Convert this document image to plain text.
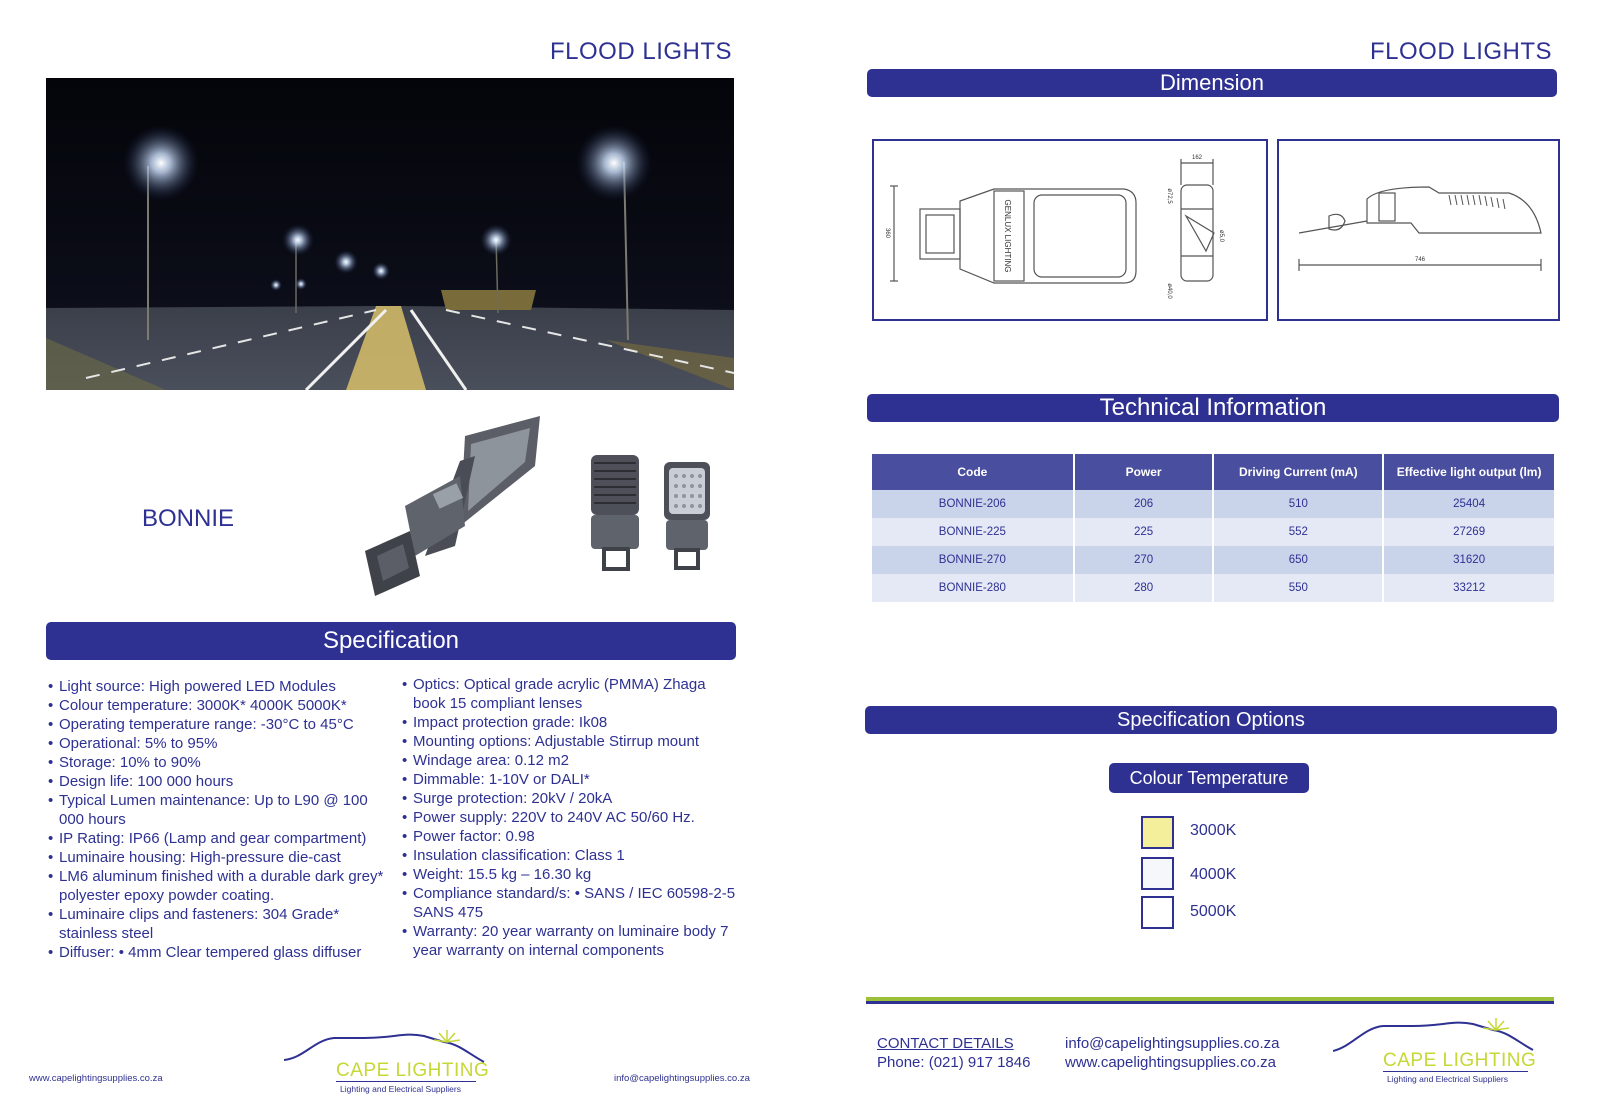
FLOOD LIGHTS
BONNIE
Specification
• Light source: High powered LED Modules
• Colour temperature: 3000K* 4000K 5000K*
• Operating temperature range: -30°C to 45°C
• Operational: 5% to 95%
• Storage: 10% to 90%
• Design life: 100 000 hours
• Typical Lumen maintenance: Up to L90 @ 100 000 hours
• IP Rating: IP66 (Lamp and gear compartment)
• Luminaire housing: High-pressure die-cast
• LM6 aluminum finished with a durable dark grey* polyester epoxy powder coating.
• Luminaire clips and fasteners: 304 Grade* stainless steel
• Diffuser: • 4mm Clear tempered glass diffuser
• Optics: Optical grade acrylic (PMMA) Zhaga book 15 compliant lenses
• Impact protection grade: Ik08
• Mounting options: Adjustable Stirrup mount
• Windage area: 0.12 m2
• Dimmable: 1-10V or DALI*
• Surge protection: 20kV / 20kA
• Power supply: 220V to 240V AC 50/60 Hz.
• Power factor: 0.98
• Insulation classification: Class 1
• Weight: 15.5 kg – 16.30 kg
• Compliance standard/s: • SANS / IEC 60598-2-5 SANS 475
• Warranty: 20 year warranty on luminaire body 7 year warranty on internal components
www.capelightingsupplies.co.za	info@capelightingsupplies.co.za
CAPE LIGHTING
Lighting and Electrical Suppliers
FLOOD LIGHTS
Dimension
GENLUX LIGHTING
360
162
ø72,5
ø40,0
ø5,0
746
Technical Information
Code	Power	Driving Current (mA)	Effective light output (lm)
BONNIE-206	206	510	25404
BONNIE-225	225	552	27269
BONNIE-270	270	650	31620
BONNIE-280	280	550	33212
Specification Options
Colour Temperature
3000K
4000K
5000K
CONTACT DETAILS
Phone: (021) 917 1846
info@capelightingsupplies.co.za
www.capelightingsupplies.co.za	CAPE LIGHTING
Lighting and Electrical Suppliers
